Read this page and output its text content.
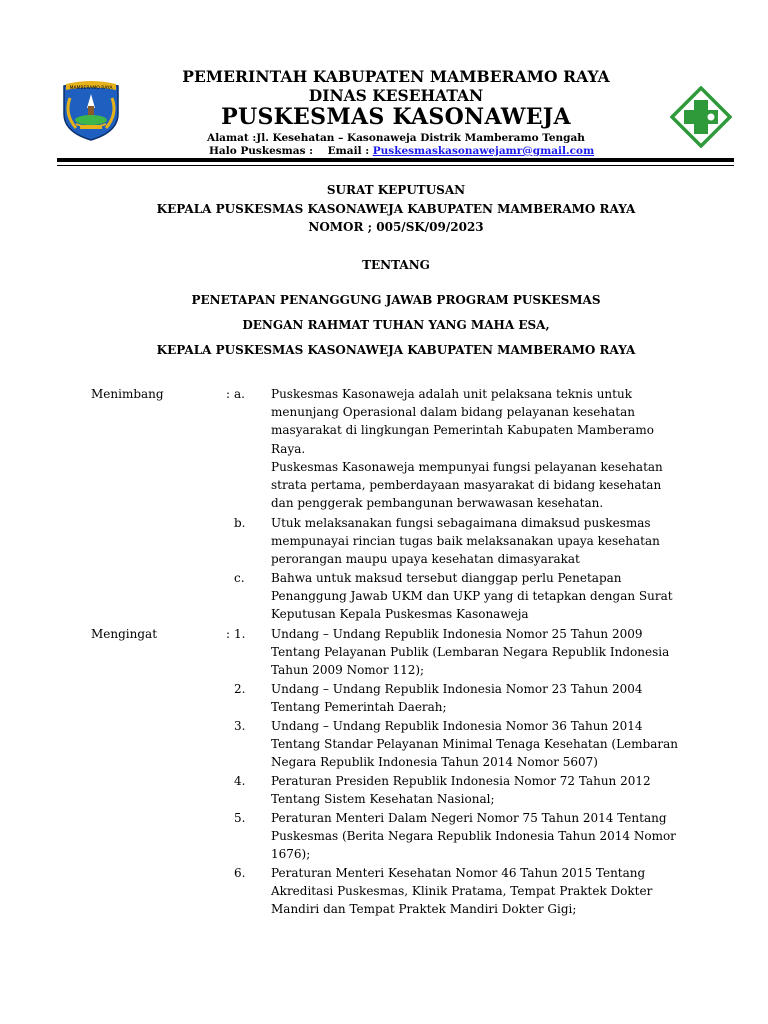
MAMBERAMO RAYA
PEMERINTAH KABUPATEN MAMBERAMO RAYA
DINAS KESEHATAN
PUSKESMAS KASONAWEJA
Alamat :Jl. Kesehatan – Kasonaweja Distrik Mamberamo Tengah
Halo Puskesmas :    Email : Puskesmaskasonawejamr@gmail.com
SURAT KEPUTUSAN
KEPALA PUSKESMAS KASONAWEJA KABUPATEN MAMBERAMO RAYA
NOMOR ; 005/SK/09/2023
TENTANG
PENETAPAN PENANGGUNG JAWAB PROGRAM PUSKESMAS
DENGAN RAHMAT TUHAN YANG MAHA ESA,
KEPALA PUSKESMAS KASONAWEJA KABUPATEN MAMBERAMO RAYA
Menimbang	: a. Puskesmas Kasonaweja adalah unit pelaksana teknis untuk
menunjang Operasional dalam bidang pelayanan kesehatan
masyarakat di lingkungan Pemerintah Kabupaten Mamberamo
Raya.
Puskesmas Kasonaweja mempunyai fungsi pelayanan kesehatan
strata pertama, pemberdayaan masyarakat di bidang kesehatan
dan penggerak pembangunan berwawasan kesehatan.
b. Utuk melaksanakan fungsi sebagaimana dimaksud puskesmas
mempunayai rincian tugas baik melaksanakan upaya kesehatan
perorangan maupu upaya kesehatan dimasyarakat
c. Bahwa untuk maksud tersebut dianggap perlu Penetapan
Penanggung Jawab UKM dan UKP yang di tetapkan dengan Surat
Keputusan Kepala Puskesmas Kasonaweja
Mengingat	: 1. Undang – Undang Republik Indonesia Nomor 25 Tahun 2009
Tentang Pelayanan Publik (Lembaran Negara Republik Indonesia
Tahun 2009 Nomor 112);
2. Undang – Undang Republik Indonesia Nomor 23 Tahun 2004
Tentang Pemerintah Daerah;
3. Undang – Undang Republik Indonesia Nomor 36 Tahun 2014
Tentang Standar Pelayanan Minimal Tenaga Kesehatan (Lembaran
Negara Republik Indonesia Tahun 2014 Nomor 5607)
4. Peraturan Presiden Republik Indonesia Nomor 72 Tahun 2012
Tentang Sistem Kesehatan Nasional;
5. Peraturan Menteri Dalam Negeri Nomor 75 Tahun 2014 Tentang
Puskesmas (Berita Negara Republik Indonesia Tahun 2014 Nomor
1676);
6. Peraturan Menteri Kesehatan Nomor 46 Tahun 2015 Tentang
Akreditasi Puskesmas, Klinik Pratama, Tempat Praktek Dokter
Mandiri dan Tempat Praktek Mandiri Dokter Gigi;
